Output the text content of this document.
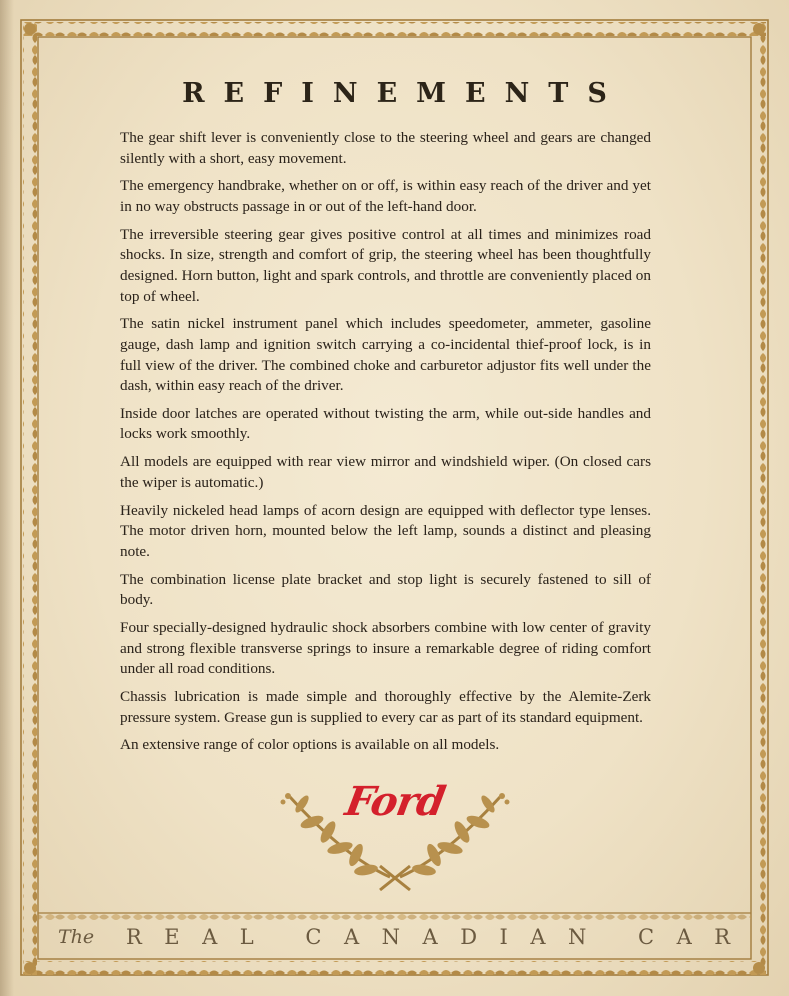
REFINEMENTS

The gear shift lever is conveniently close to the steering wheel and gears are changed silently with a short, easy movement.

The emergency handbrake, whether on or off, is within easy reach of the driver and yet in no way obstructs passage in or out of the left-hand door.

The irreversible steering gear gives positive control at all times and minimizes road shocks. In size, strength and comfort of grip, the steering wheel has been thoughtfully designed. Horn button, light and spark controls, and throttle are conveniently placed on top of wheel.

The satin nickel instrument panel which includes speedometer, ammeter, gasoline gauge, dash lamp and ignition switch carrying a co-incidental thief-proof lock, is in full view of the driver. The combined choke and carburetor adjustor fits well under the dash, within easy reach of the driver.

Inside door latches are operated without twisting the arm, while out-side handles and locks work smoothly.

All models are equipped with rear view mirror and windshield wiper. (On closed cars the wiper is automatic.)

Heavily nickeled head lamps of acorn design are equipped with deflector type lenses. The motor driven horn, mounted below the left lamp, sounds a distinct and pleasing note.

The combination license plate bracket and stop light is securely fastened to sill of body.

Four specially-designed hydraulic shock absorbers combine with low center of gravity and strong flexible transverse springs to insure a remarkable degree of riding comfort under all road conditions.

Chassis lubrication is made simple and thoroughly effective by the Alemite-Zerk pressure system. Grease gun is supplied to every car as part of its standard equipment.

An extensive range of color options is available on all models.

Ford
The REAL CANADIAN CAR
